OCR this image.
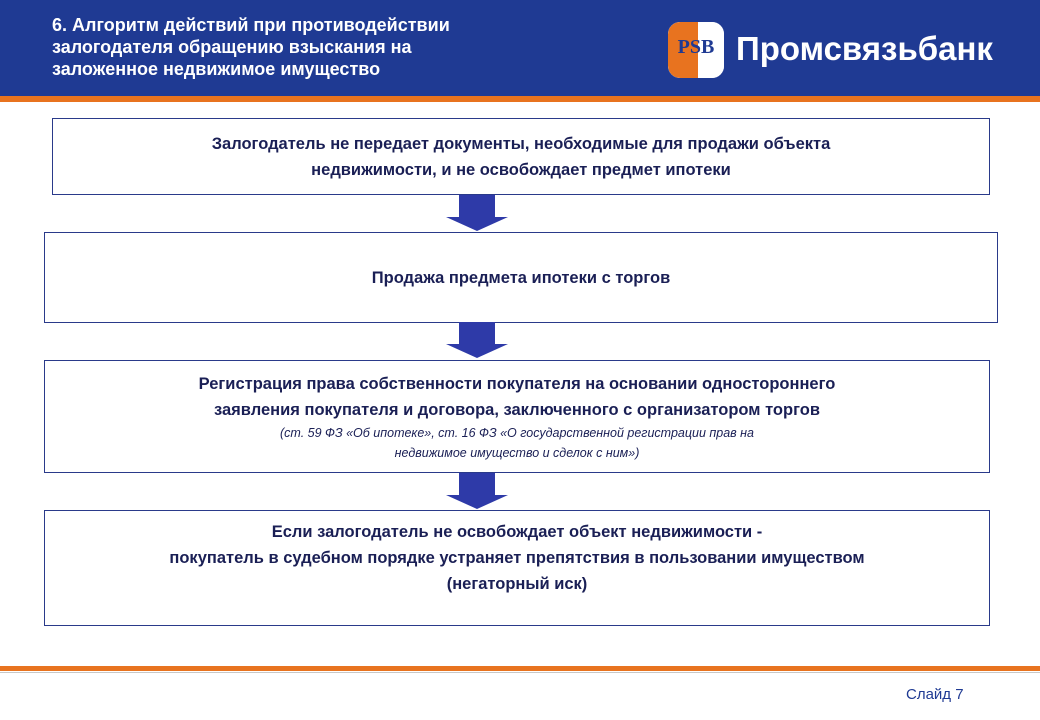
6. Алгоритм действий при противодействии
залогодателя обращению взыскания на
заложенное недвижимое имущество
PSB Промсвязьбанк
Залогодатель не передает документы, необходимые для продажи объекта
недвижимости, и не освобождает предмет ипотеки
Продажа предмета ипотеки с торгов
Регистрация права собственности покупателя на основании одностороннего
заявления покупателя и договора, заключенного с организатором торгов
(ст. 59 ФЗ «Об ипотеке», ст. 16 ФЗ «О государственной регистрации прав на
недвижимое имущество и сделок с ним»)
Если залогодатель не освобождает объект недвижимости -
покупатель в судебном порядке устраняет препятствия в пользовании имуществом
(негаторный иск)
Слайд 7
